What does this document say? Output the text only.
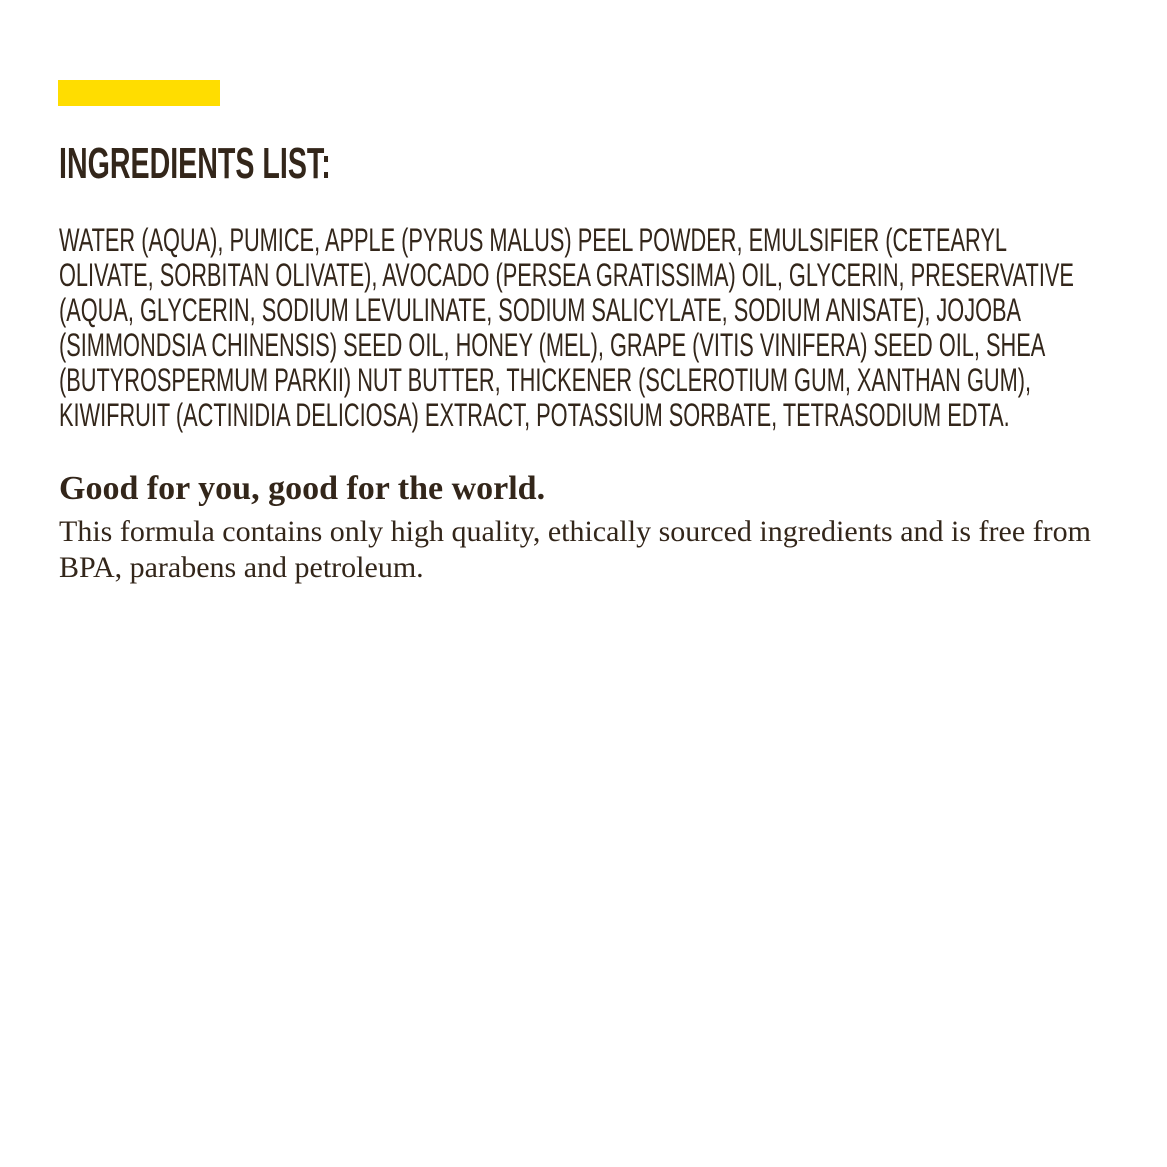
INGREDIENTS LIST:
WATER (AQUA), PUMICE, APPLE (PYRUS MALUS) PEEL POWDER, EMULSIFIER (CETEARYL
OLIVATE, SORBITAN OLIVATE), AVOCADO (PERSEA GRATISSIMA) OIL, GLYCERIN, PRESERVATIVE
(AQUA, GLYCERIN, SODIUM LEVULINATE, SODIUM SALICYLATE, SODIUM ANISATE), JOJOBA
(SIMMONDSIA CHINENSIS) SEED OIL, HONEY (MEL), GRAPE (VITIS VINIFERA) SEED OIL, SHEA
(BUTYROSPERMUM PARKII) NUT BUTTER, THICKENER (SCLEROTIUM GUM, XANTHAN GUM),
KIWIFRUIT (ACTINIDIA DELICIOSA) EXTRACT, POTASSIUM SORBATE, TETRASODIUM EDTA.
Good for you, good for the world.
This formula contains only high quality, ethically sourced ingredients and is free from
BPA, parabens and petroleum.
